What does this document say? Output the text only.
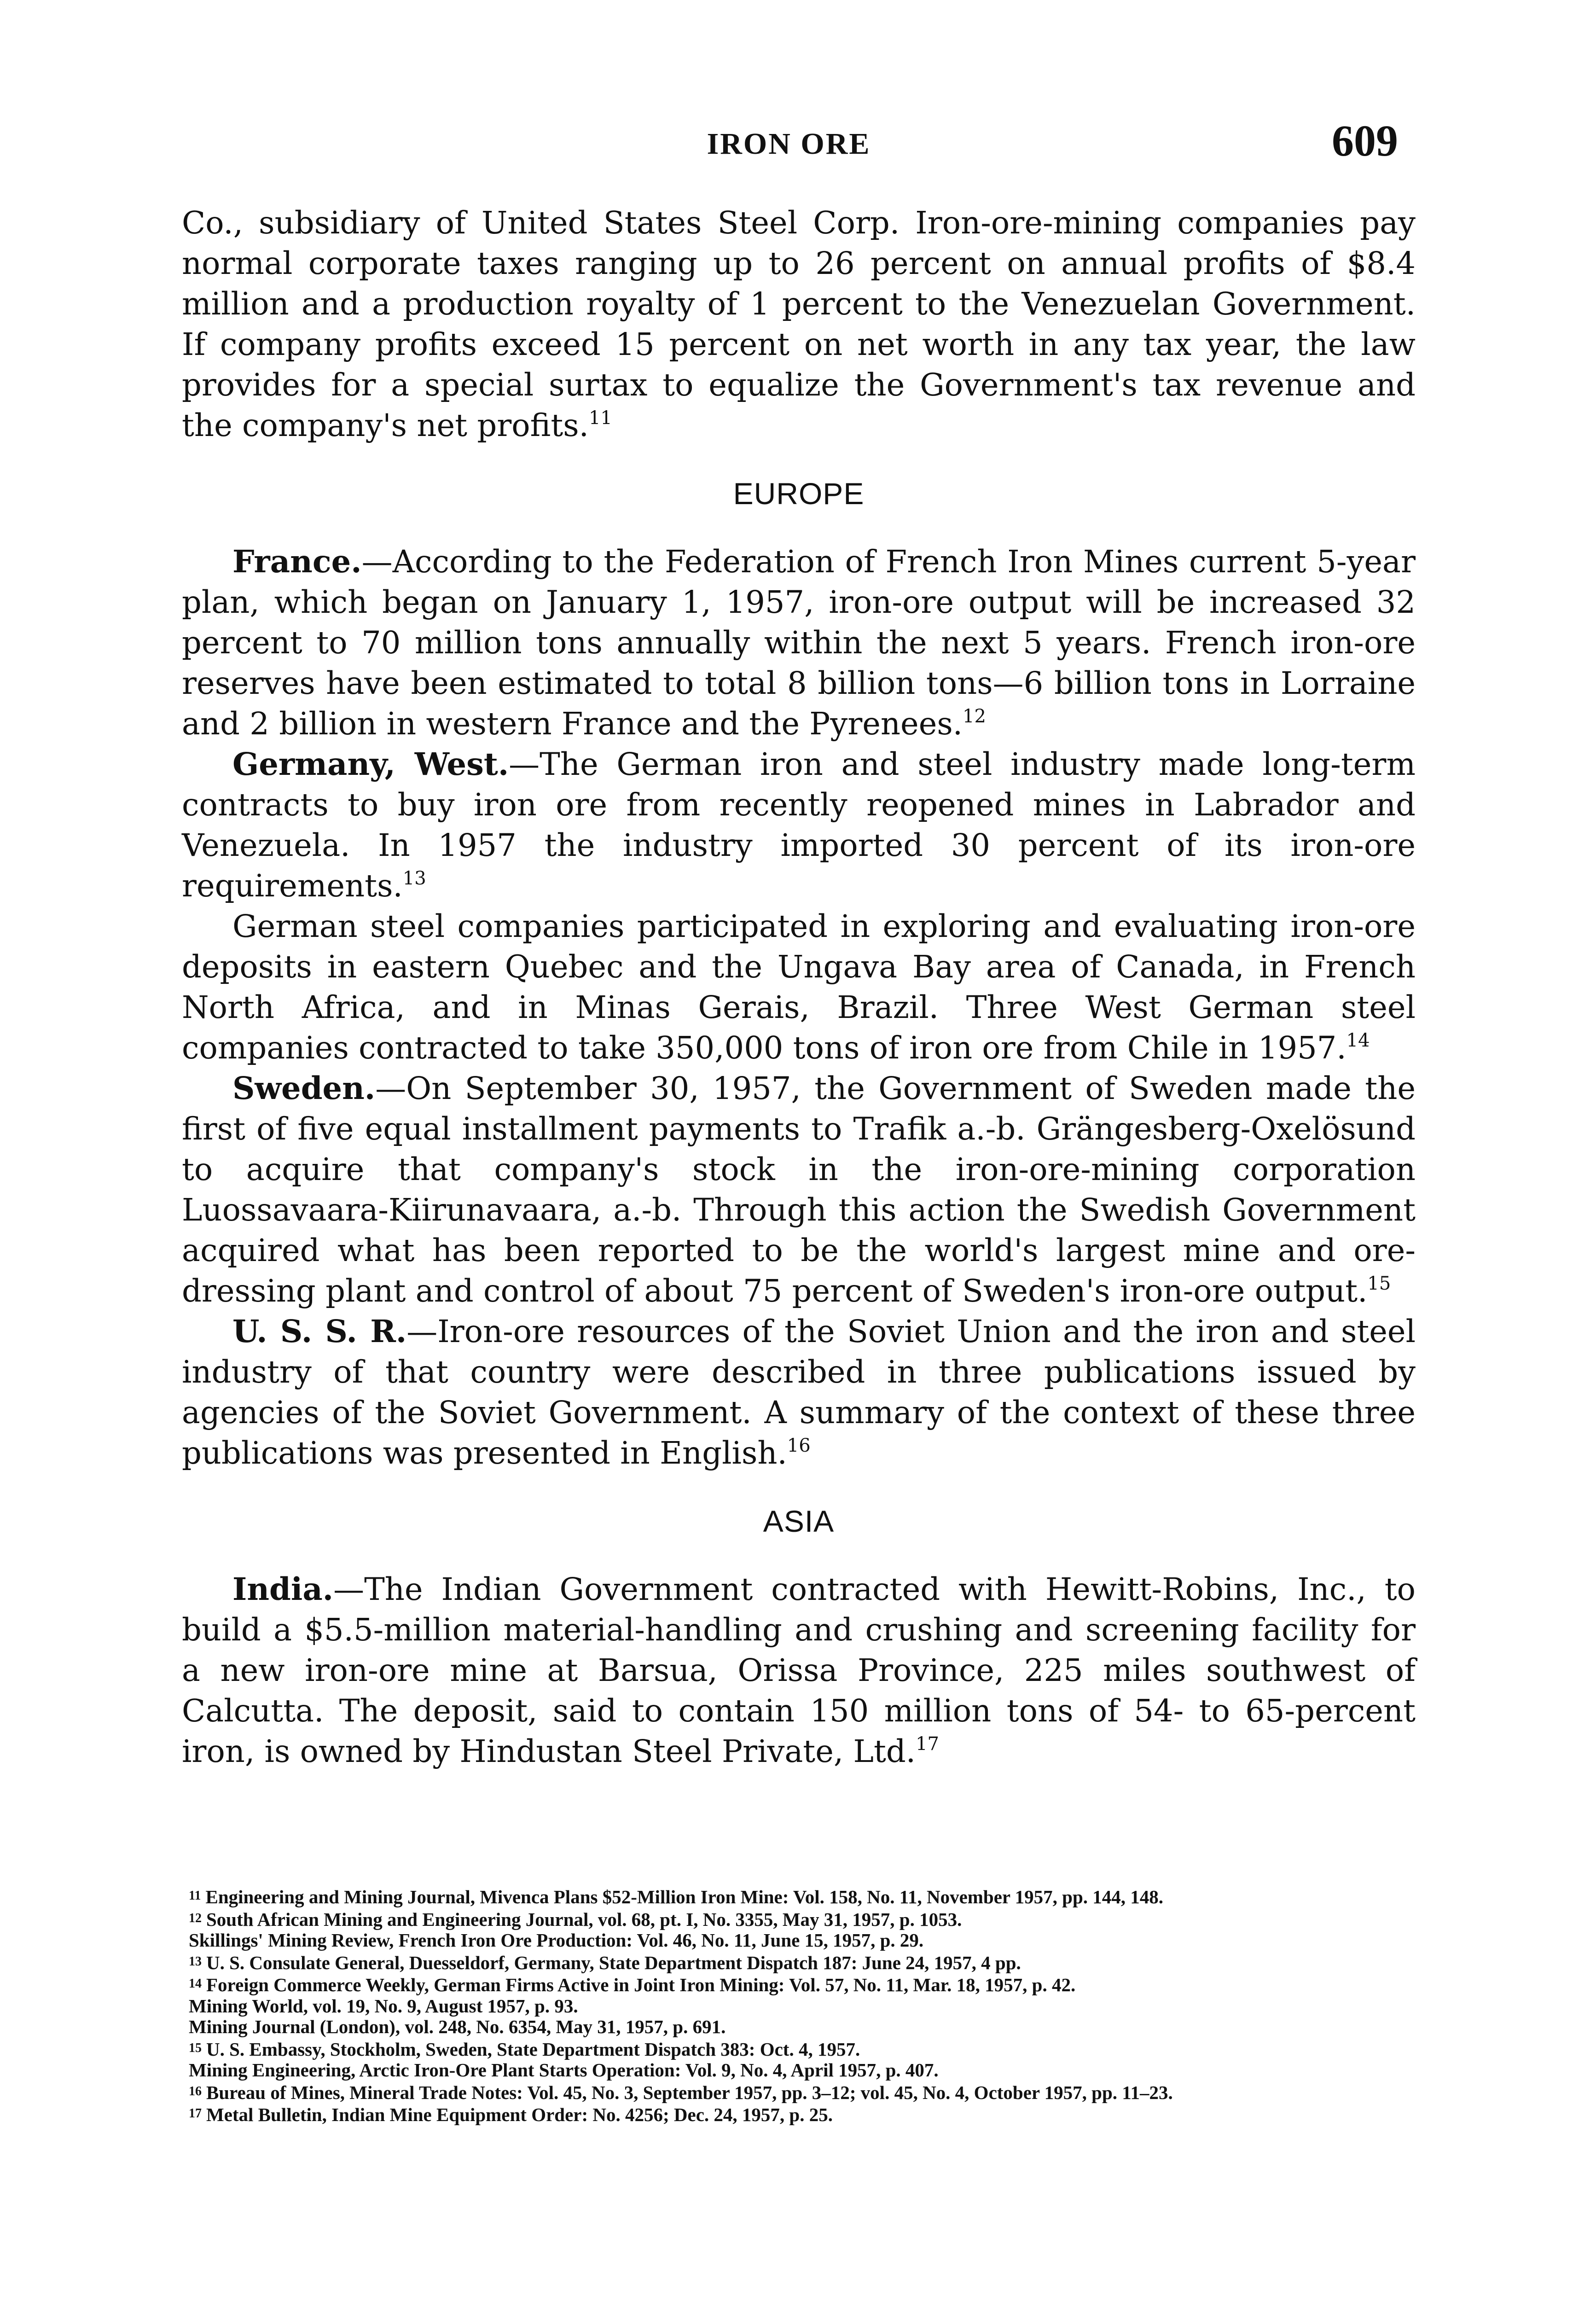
IRON ORE	609

Co., subsidiary of United States Steel Corp. Iron-ore-mining companies pay normal corporate taxes ranging up to 26 percent on annual profits of $8.4 million and a production royalty of 1 percent to the Venezuelan Government. If company profits exceed 15 percent on net worth in any tax year, the law provides for a special surtax to equalize the Government's tax revenue and the company's net profits.$^{11}$

EUROPE

France.—According to the Federation of French Iron Mines current 5-year plan, which began on January 1, 1957, iron-ore output will be increased 32 percent to 70 million tons annually within the next 5 years. French iron-ore reserves have been estimated to total 8 billion tons—6 billion tons in Lorraine and 2 billion in western France and the Pyrenees.$^{12}$

Germany, West.—The German iron and steel industry made long-term contracts to buy iron ore from recently reopened mines in Labrador and Venezuela. In 1957 the industry imported 30 percent of its iron-ore requirements.$^{13}$

German steel companies participated in exploring and evaluating iron-ore deposits in eastern Quebec and the Ungava Bay area of Canada, in French North Africa, and in Minas Gerais, Brazil. Three West German steel companies contracted to take 350,000 tons of iron ore from Chile in 1957.14

Sweden.—On September 30, 1957, the Government of Sweden made the first of five equal installment payments to Trafik a.-b. Grängesberg-Oxelösund to acquire that company's stock in the iron-ore-mining corporation Luossavaara-Kiirunavaara, a.-b. Through this action the Swedish Government acquired what has been reported to be the world's largest mine and ore-dressing plant and control of about 75 percent of Sweden's iron-ore output.$^{15}$

U. S. S. R.—Iron-ore resources of the Soviet Union and the iron and steel industry of that country were described in three publications issued by agencies of the Soviet Government. A summary of the context of these three publications was presented in English.$^{16}$

ASIA

India.—The Indian Government contracted with Hewitt-Robins, Inc., to build a $5.5-million material-handling and crushing and screening facility for a new iron-ore mine at Barsua, Orissa Province, 225 miles southwest of Calcutta. The deposit, said to contain 150 million tons of 54- to 65-percent iron, is owned by Hindustan Steel Private, Ltd.$^{17}$

11 Engineering and Mining Journal, Mivenca Plans $52-Million Iron Mine: Vol. 158, No. 11, November 1957, pp. 144, 148.
12 South African Mining and Engineering Journal, vol. 68, pt. I, No. 3355, May 31, 1957, p. 1053.
Skillings' Mining Review, French Iron Ore Production: Vol. 46, No. 11, June 15, 1957, p. 29.
13 U. S. Consulate General, Duesseldorf, Germany, State Department Dispatch 187: June 24, 1957, 4 pp.
14 Foreign Commerce Weekly, German Firms Active in Joint Iron Mining: Vol. 57, No. 11, Mar. 18, 1957, p. 42.
Mining World, vol. 19, No. 9, August 1957, p. 93.
Mining Journal (London), vol. 248, No. 6354, May 31, 1957, p. 691.
15 U. S. Embassy, Stockholm, Sweden, State Department Dispatch 383: Oct. 4, 1957.
Mining Engineering, Arctic Iron-Ore Plant Starts Operation: Vol. 9, No. 4, April 1957, p. 407.
16 Bureau of Mines, Mineral Trade Notes: Vol. 45, No. 3, September 1957, pp. 3–12; vol. 45, No. 4, October 1957, pp. 11–23.
17 Metal Bulletin, Indian Mine Equipment Order: No. 4256; Dec. 24, 1957, p. 25.
